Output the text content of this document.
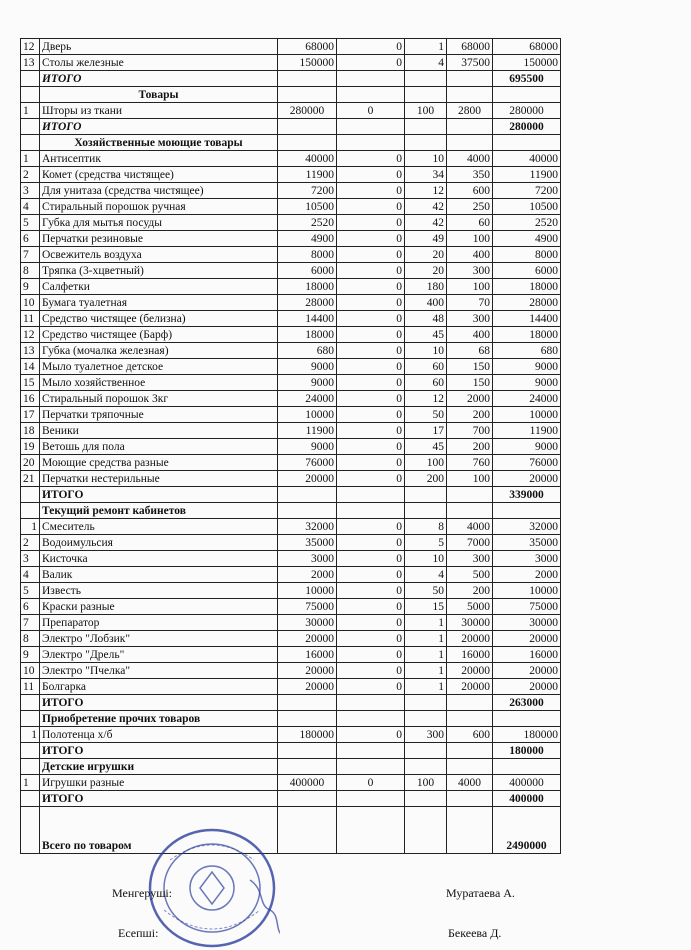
12	Дверь	68000	0	1	68000	68000
13	Столы железные	150000	0	4	37500	150000
	ИТОГО					695500
	Товары					
1	Шторы из ткани	280000	0	100	2800	280000
	ИТОГО					280000
	Хозяйственные моющие товары					
1	Антисептик	40000	0	10	4000	40000
2	Комет (средства чистящее)	11900	0	34	350	11900
3	Для унитаза (средства чистящее)	7200	0	12	600	7200
4	Стиральный порошок ручная	10500	0	42	250	10500
5	Губка для мытья посуды	2520	0	42	60	2520
6	Перчатки резиновые	4900	0	49	100	4900
7	Освежитель воздуха	8000	0	20	400	8000
8	Тряпка (3-хцветный)	6000	0	20	300	6000
9	Салфетки	18000	0	180	100	18000
10	Бумага туалетная	28000	0	400	70	28000
11	Средство чистящее (белизна)	14400	0	48	300	14400
12	Средство чистящее (Барф)	18000	0	45	400	18000
13	Губка (мочалка железная)	680	0	10	68	680
14	Мыло туалетное детское	9000	0	60	150	9000
15	Мыло хозяйственное	9000	0	60	150	9000
16	Стиральный порошок 3кг	24000	0	12	2000	24000
17	Перчатки тряпочные	10000	0	50	200	10000
18	Веники	11900	0	17	700	11900
19	Ветошь для пола	9000	0	45	200	9000
20	Моющие средства разные	76000	0	100	760	76000
21	Перчатки нестерильные	20000	0	200	100	20000
	ИТОГО					339000
	Текущий ремонт кабинетов					
1	Смеситель	32000	0	8	4000	32000
2	Водоимульсия	35000	0	5	7000	35000
3	Кисточка	3000	0	10	300	3000
4	Валик	2000	0	4	500	2000
5	Известь	10000	0	50	200	10000
6	Краски разные	75000	0	15	5000	75000
7	Препаратор	30000	0	1	30000	30000
8	Электро "Лобзик"	20000	0	1	20000	20000
9	Электро "Дрель"	16000	0	1	16000	16000
10	Электро "Пчелка"	20000	0	1	20000	20000
11	Болгарка	20000	0	1	20000	20000
	ИТОГО					263000
	Приобретение прочих товаров					
1	Полотенца х/б	180000	0	300	600	180000
	ИТОГО					180000
	Детские игрушки					
1	Игрушки разные	400000	0	100	4000	400000
	ИТОГО					400000
	Всего по товаром					2490000
Менгерушi:	Муратаева А.
Есепшi:	Бекеева Д.
